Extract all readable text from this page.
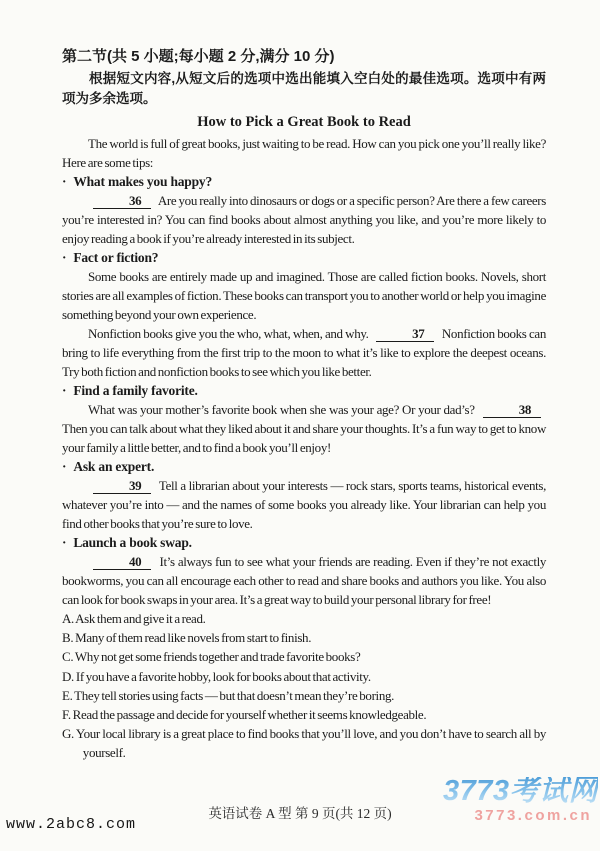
第二节(共 5 小题;每小题 2 分,满分 10 分)

根据短文内容,从短文后的选项中选出能填入空白处的最佳选项。选项中有两项为多余选项。

How to Pick a Great Book to Read

The world is full of great books, just waiting to be read. How can you pick one you’ll really like? Here are some tips:

· What makes you happy?

36 Are you really into dinosaurs or dogs or a specific person? Are there a few careers you’re interested in? You can find books about almost anything you like, and you’re more likely to enjoy reading a book if you’re already interested in its subject.

· Fact or fiction?

Some books are entirely made up and imagined. Those are called fiction books. Novels, short stories are all examples of fiction. These books can transport you to another world or help you imagine something beyond your own experience.

Nonfiction books give you the who, what, when, and why.	37 Nonfiction books can bring to life everything from the first trip to the moon to what it’s like to explore the deepest oceans. Try both fiction and nonfiction books to see which you like better.

· Find a family favorite.

What was your mother’s favorite book when she was your age? Or your dad’s?	38 Then you can talk about what they liked about it and share your thoughts. It’s a fun way to get to know your family a little better, and to find a book you’ll enjoy!

· Ask an expert.

39 Tell a librarian about your interests — rock stars, sports teams, historical events, whatever you’re into — and the names of some books you already like. Your librarian can help you find other books that you’re sure to love.

· Launch a book swap.

40 It’s always fun to see what your friends are reading. Even if they’re not exactly bookworms, you can all encourage each other to read and share books and authors you like. You also can look for book swaps in your area. It’s a great way to build your personal library for free!

A. Ask them and give it a read.

B. Many of them read like novels from start to finish.

C. Why not get some friends together and trade favorite books?

D. If you have a favorite hobby, look for books about that activity.

E. They tell stories using facts — but that doesn’t mean they’re boring.

F. Read the passage and decide for yourself whether it seems knowledgeable.

G. Your local library is a great place to find books that you’ll love, and you don’t have to search all by yourself.

英语试卷 A 型 第 9 页(共 12 页)
www.2abc8.com
3773考试网
3773.com.cn
